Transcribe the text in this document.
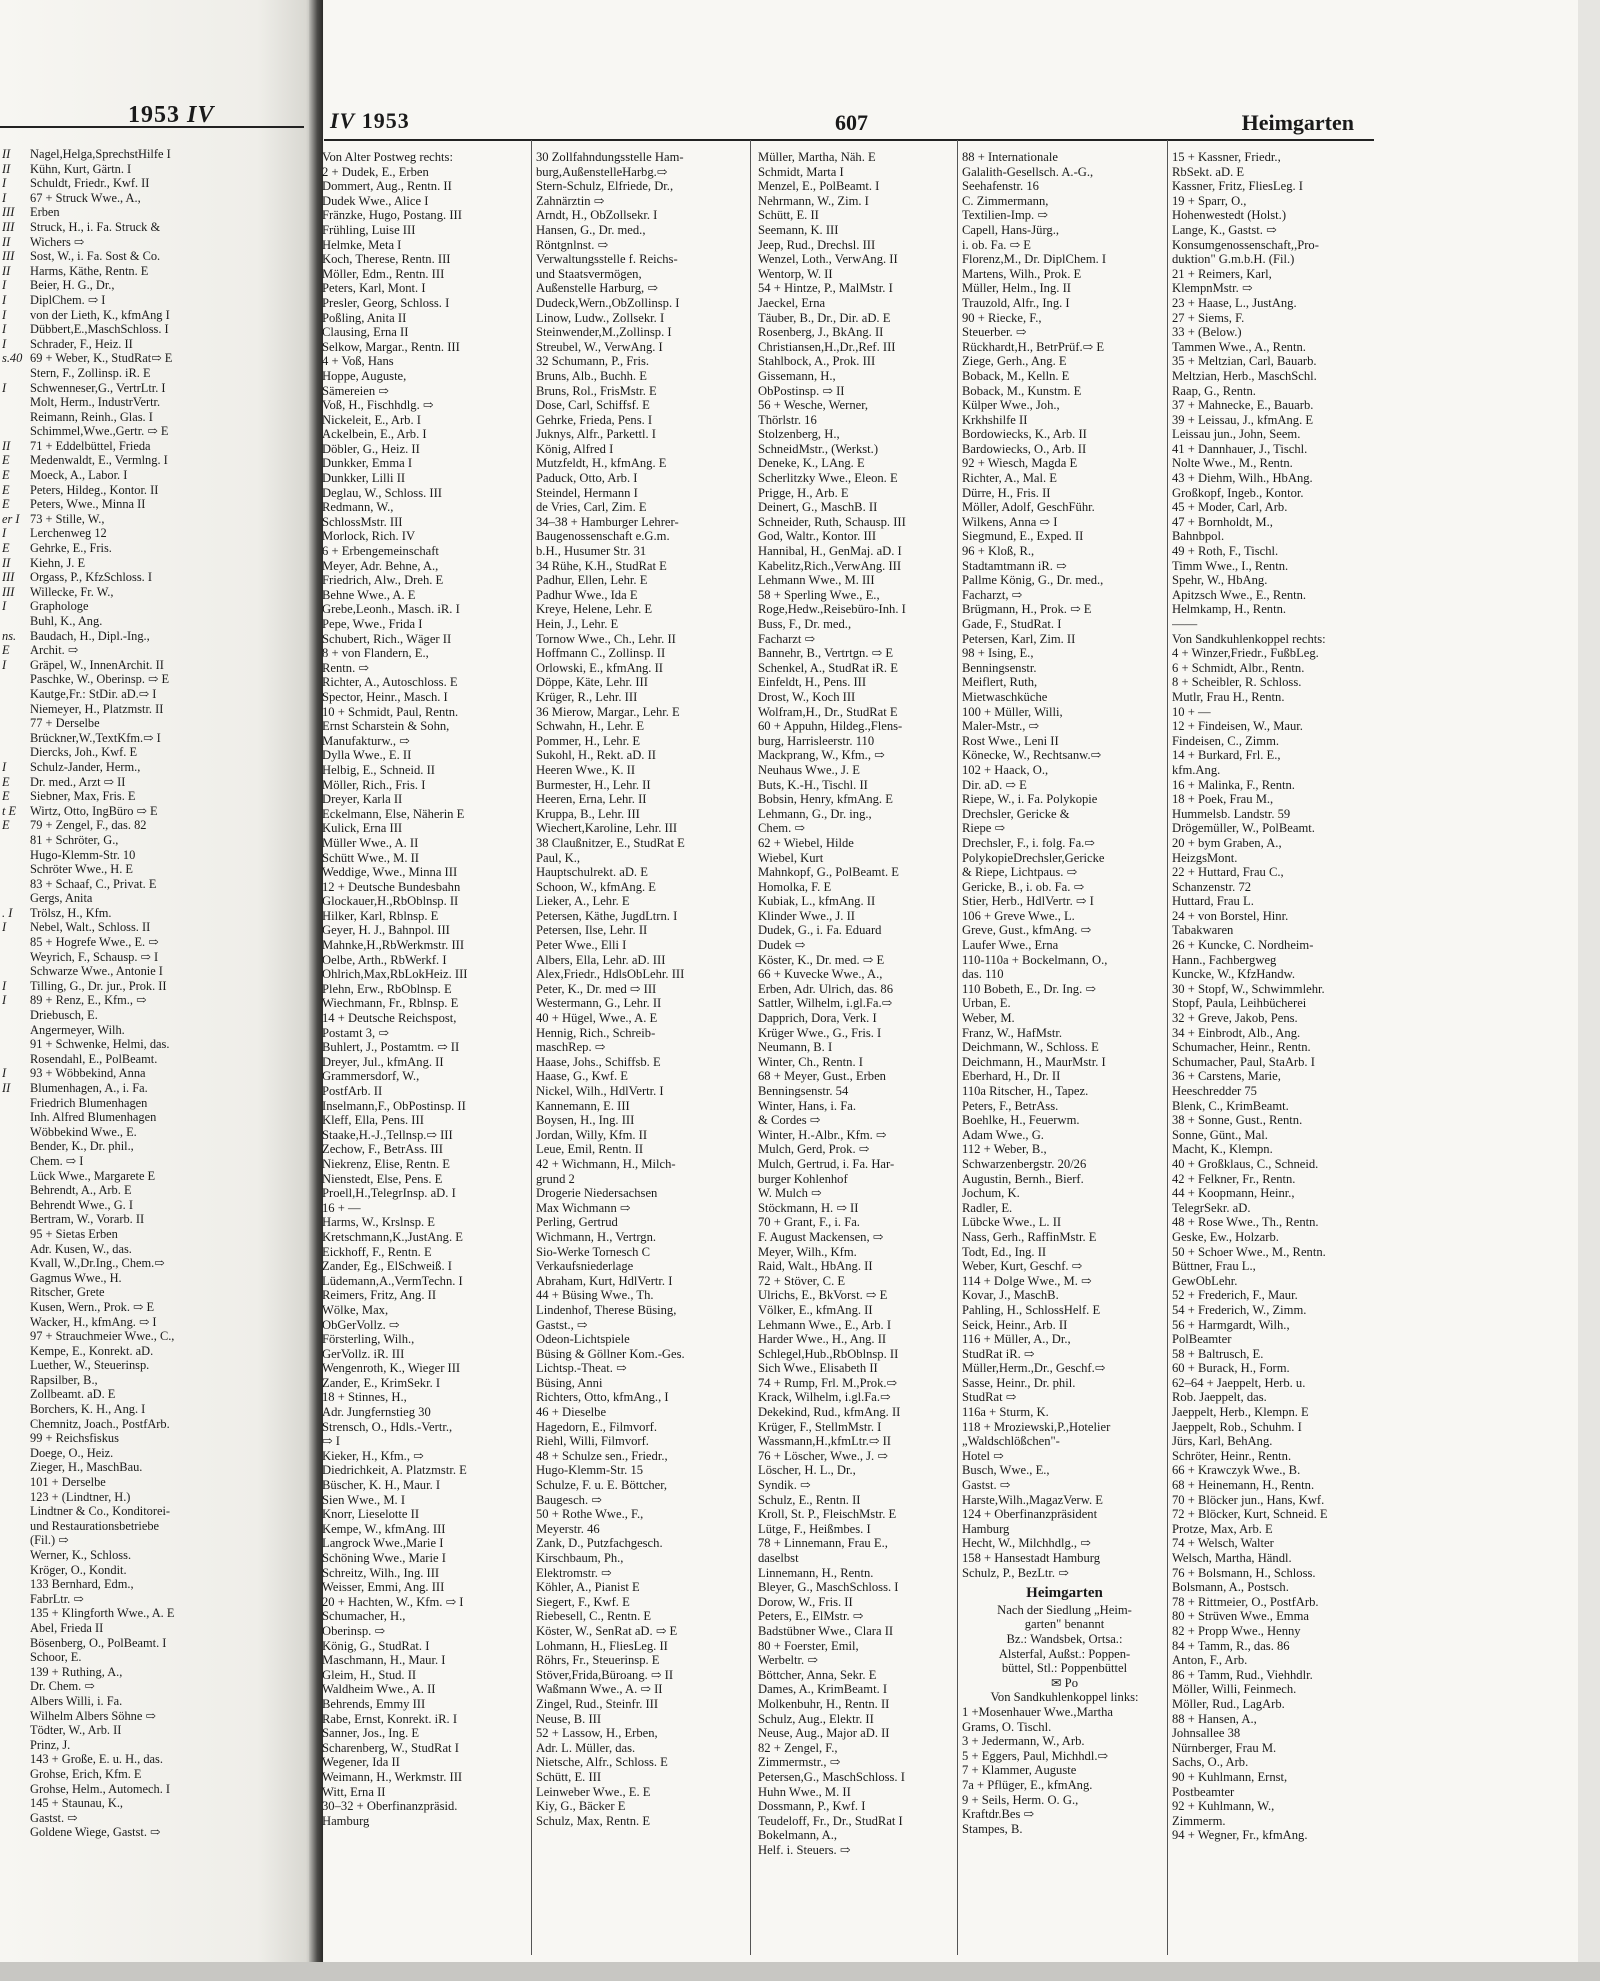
1953 IV
II	Nagel,Helga,SprechstHilfe I
II	Kühn, Kurt, Gärtn. I
I	Schuldt, Friedr., Kwf. II
I	67 + Struck Wwe., A.,
III	Erben
III	Struck, H., i. Fa. Struck &
II	Wichers ⇨
III	Sost, W., i. Fa. Sost & Co.
II	Harms, Käthe, Rentn. E
I	Beier, H. G., Dr.,
I	DiplChem. ⇨ I
I	von der Lieth, K., kfmAng I
I	Dübbert,E.,MaschSchloss. I
I	Schrader, F., Heiz. II
s.40 69 + Weber, K., StudRat⇨ E
Stern, F., Zollinsp. iR. E
I	Schwenneser,G., VertrLtr. I
Molt, Herm., IndustrVertr.
Reimann, Reinh., Glas. I
Schimmel,Wwe.,Gertr. ⇨ E
II	71 + Eddelbüttel, Frieda
E	Medenwaldt, E., Vermlng. I
E	Moeck, A., Labor. I
E	Peters, Hildeg., Kontor. II
E	Peters, Wwe., Minna II
er I 73 + Stille, W.,
I	Lerchenweg 12
E	Gehrke, E., Fris.
II	Kiehn, J. E
III	Orgass, P., KfzSchloss. I
III	Willecke, Fr. W.,
I	Graphologe
Buhl, K., Ang.
ns.	Baudach, H., Dipl.-Ing.,
E	Archit. ⇨
I	Gräpel, W., InnenArchit. II
Paschke, W., Oberinsp. ⇨ E
Kautge,Fr.: StDir. aD.⇨ I
Niemeyer, H., Platzmstr. II
77 + Derselbe
Brückner,W.,TextKfm.⇨ I
Diercks, Joh., Kwf. E
I	Schulz-Jander, Herm.,
E	Dr. med., Arzt ⇨ II
E	Siebner, Max, Fris. E
t E	Wirtz, Otto, IngBüro ⇨ E
E	79 + Zengel, F., das. 82
81 + Schröter, G.,
Hugo-Klemm-Str. 10
Schröter Wwe., H. E
83 + Schaaf, C., Privat. E
Gergs, Anita
. I	Trölsz, H., Kfm.
I	Nebel, Walt., Schloss. II
85 + Hogrefe Wwe., E. ⇨
Weyrich, F., Schausp. ⇨ I
Schwarze Wwe., Antonie I
I	Tilling, G., Dr. jur., Prok. II
I	89 + Renz, E., Kfm., ⇨
Driebusch, E.
Angermeyer, Wilh.
91 + Schwenke, Helmi, das.
Rosendahl, E., PolBeamt.
I	93 + Wöbbekind, Anna
II	Blumenhagen, A., i. Fa.
Friedrich Blumenhagen
Inh. Alfred Blumenhagen
Wöbbekind Wwe., E.
Bender, K., Dr. phil.,
Chem. ⇨ I
Lück Wwe., Margarete E
Behrendt, A., Arb. E
Behrendt Wwe., G. I
Bertram, W., Vorarb. II
95 + Sietas Erben
Adr. Kusen, W., das.
Kvall, W.,Dr.Ing., Chem.⇨
Gagmus Wwe., H.
Ritscher, Grete
Kusen, Wern., Prok. ⇨ E
Wacker, H., kfmAng. ⇨ I
97 + Strauchmeier Wwe., C.,
Kempe, E., Konrekt. aD.
Luether, W., Steuerinsp.
Rapsilber, B.,
Zollbeamt. aD. E
Borchers, K. H., Ang. I
Chemnitz, Joach., PostfArb.
99 + Reichsfiskus
Doege, O., Heiz.
Zieger, H., MaschBau.
101 + Derselbe
123 + (Lindtner, H.)
Lindtner & Co., Konditorei-
und Restaurationsbetriebe
(Fil.) ⇨
Werner, K., Schloss.
Kröger, O., Kondit.
133 Bernhard, Edm.,
FabrLtr. ⇨
135 + Klingforth Wwe., A. E
Abel, Frieda II
Bösenberg, O., PolBeamt. I
Schoor, E.
139 + Ruthing, A.,
Dr. Chem. ⇨
Albers Willi, i. Fa.
Wilhelm Albers Söhne ⇨
Tödter, W., Arb. II
Prinz, J.
143 + Große, E. u. H., das.
Grohse, Erich, Kfm. E
Grohse, Helm., Automech. I
145 + Staunau, K.,
Gastst. ⇨
Goldene Wiege, Gastst. ⇨
IV 1953	607	Heimgarten
Von Alter Postweg rechts:
2 + Dudek, E., Erben
Dommert, Aug., Rentn. II
Dudek Wwe., Alice I
Fränzke, Hugo, Postang. III
Frühling, Luise III
Helmke, Meta I
Koch, Therese, Rentn. III
Möller, Edm., Rentn. III
Peters, Karl, Mont. I
Presler, Georg, Schloss. I
Poßling, Anita II
Clausing, Erna II
Selkow, Margar., Rentn. III
4 + Voß, Hans
Hoppe, Auguste,
Sämereien ⇨
Voß, H., Fischhdlg. ⇨
Nickeleit, E., Arb. I
Ackelbein, E., Arb. I
Döbler, G., Heiz. II
Dunkker, Emma I
Dunkker, Lilli II
Deglau, W., Schloss. III
Redmann, W.,
SchlossMstr. III
Morlock, Rich. IV
6 + Erbengemeinschaft
Meyer, Adr. Behne, A.,
Friedrich, Alw., Dreh. E
Behne Wwe., A. E
Grebe,Leonh., Masch. iR. I
Pepe, Wwe., Frida I
Schubert, Rich., Wäger II
8 + von Flandern, E.,
Rentn. ⇨
Richter, A., Autoschloss. E
Spector, Heinr., Masch. I
10 + Schmidt, Paul, Rentn.
Ernst Scharstein & Sohn,
Manufakturw., ⇨
Dylla Wwe., E. II
Helbig, E., Schneid. II
Möller, Rich., Fris. I
Dreyer, Karla II
Eckelmann, Else, Näherin E
Kulick, Erna III
Müller Wwe., A. II
Schütt Wwe., M. II
Weddige, Wwe., Minna III
12 + Deutsche Bundesbahn
Glockauer,H.,RbOblnsp. II
Hilker, Karl, Rblnsp. E
Geyer, H. J., Bahnpol. III
Mahnke,H.,RbWerkmstr. III
Oelbe, Arth., RbWerkf. I
Ohlrich,Max,RbLokHeiz. III
Plehn, Erw., RbOblnsp. E
Wiechmann, Fr., Rblnsp. E
14 + Deutsche Reichspost,
Postamt 3, ⇨
Buhlert, J., Postamtm. ⇨ II
Dreyer, Jul., kfmAng. II
Grammersdorf, W.,
PostfArb. II
Inselmann,F., ObPostinsp. II
Kleff, Ella, Pens. III
Staake,H.-J.,Tellnsp.⇨ III
Zechow, F., BetrAss. III
Niekrenz, Elise, Rentn. E
Nienstedt, Else, Pens. E
Proell,H.,TelegrInsp. aD. I
16 + —
Harms, W., Krslnsp. E
Kretschmann,K.,JustAng. E
Eickhoff, F., Rentn. E
Zander, Eg., ElSchweiß. I
Lüdemann,A.,VermTechn. I
Reimers, Fritz, Ang. II
Wölke, Max,
ObGerVollz. ⇨
Försterling, Wilh.,
GerVollz. iR. III
Wengenroth, K., Wieger III
Zander, E., KrimSekr. I
18 + Stinnes, H.,
Adr. Jungfernstieg 30
Strensch, O., Hdls.-Vertr.,
⇨ I
Kieker, H., Kfm., ⇨
Diedrichkeit, A. Platzmstr. E
Büscher, K. H., Maur. I
Sien Wwe., M. I
Knorr, Lieselotte II
Kempe, W., kfmAng. III
Langrock Wwe.,Marie I
Schöning Wwe., Marie I
Schreitz, Wilh., Ing. III
Weisser, Emmi, Ang. III
20 + Hachten, W., Kfm. ⇨ I
Schumacher, H.,
Oberinsp. ⇨
König, G., StudRat. I
Maschmann, H., Maur. I
Gleim, H., Stud. II
Waldheim Wwe., A. II
Behrends, Emmy III
Rabe, Ernst, Konrekt. iR. I
Sanner, Jos., Ing. E
Scharenberg, W., StudRat I
Wegener, Ida II
Weimann, H., Werkmstr. III
Witt, Erna II
30–32 + Oberfinanzpräsid.
Hamburg
30 Zollfahndungsstelle Ham-
burg,AußenstelleHarbg.⇨
Stern-Schulz, Elfriede, Dr.,
Zahnärztin ⇨
Arndt, H., ObZollsekr. I
Hansen, G., Dr. med.,
Röntgnlnst. ⇨
Verwaltungsstelle f. Reichs-
und Staatsvermögen,
Außenstelle Harburg, ⇨
Dudeck,Wern.,ObZollinsp. I
Linow, Ludw., Zollsekr. I
Steinwender,M.,Zollinsp. I
Streubel, W., VerwAng. I
32 Schumann, P., Fris.
Bruns, Alb., Buchh. E
Bruns, Rol., FrisMstr. E
Dose, Carl, Schiffsf. E
Gehrke, Frieda, Pens. I
Juknys, Alfr., Parkettl. I
König, Alfred I
Mutzfeldt, H., kfmAng. E
Paduck, Otto, Arb. I
Steindel, Hermann I
de Vries, Carl, Zim. E
34–38 + Hamburger Lehrer-
Baugenossenschaft e.G.m.
b.H., Husumer Str. 31
34 Rühe, K.H., StudRat E
Padhur, Ellen, Lehr. E
Padhur Wwe., Ida E
Kreye, Helene, Lehr. E
Hein, J., Lehr. E
Tornow Wwe., Ch., Lehr. II
Hoffmann C., Zollinsp. II
Orlowski, E., kfmAng. II
Döppe, Käte, Lehr. III
Krüger, R., Lehr. III
36 Mierow, Margar., Lehr. E
Schwahn, H., Lehr. E
Pommer, H., Lehr. E
Sukohl, H., Rekt. aD. II
Heeren Wwe., K. II
Burmester, H., Lehr. II
Heeren, Erna, Lehr. II
Kruppa, B., Lehr. III
Wiechert,Karoline, Lehr. III
38 Claußnitzer, E., StudRat E
Paul, K.,
Hauptschulrekt. aD. E
Schoon, W., kfmAng. E
Lieker, A., Lehr. E
Petersen, Käthe, JugdLtrn. I
Petersen, Ilse, Lehr. II
Peter Wwe., Elli I
Albers, Ella, Lehr. aD. III
Alex,Friedr., HdlsObLehr. III
Peter, K., Dr. med ⇨ III
Westermann, G., Lehr. II
40 + Hügel, Wwe., A. E
Hennig, Rich., Schreib-
maschRep. ⇨
Haase, Johs., Schiffsb. E
Haase, G., Kwf. E
Nickel, Wilh., HdlVertr. I
Kannemann, E. III
Boysen, H., Ing. III
Jordan, Willy, Kfm. II
Leue, Emil, Rentn. II
42 + Wichmann, H., Milch-
grund 2
Drogerie Niedersachsen
Max Wichmann ⇨
Perling, Gertrud
Wichmann, H., Vertrgn.
Sio-Werke Tornesch C
Verkaufsniederlage
Abraham, Kurt, HdlVertr. I
44 + Büsing Wwe., Th.
Lindenhof, Therese Büsing,
Gastst., ⇨
Odeon-Lichtspiele
Büsing & Göllner Kom.-Ges.
Lichtsp.-Theat. ⇨
Büsing, Anni
Richters, Otto, kfmAng., I
46 + Dieselbe
Hagedorn, E., Filmvorf.
Riehl, Willi, Filmvorf.
48 + Schulze sen., Friedr.,
Hugo-Klemm-Str. 15
Schulze, F. u. E. Böttcher,
Baugesch. ⇨
50 + Rothe Wwe., F.,
Meyerstr. 46
Zank, D., Putzfachgesch.
Kirschbaum, Ph.,
Elektromstr. ⇨
Köhler, A., Pianist E
Siegert, F., Kwf. E
Riebesell, C., Rentn. E
Köster, W., SenRat aD. ⇨ E
Lohmann, H., FliesLeg. II
Röhrs, Fr., Steuerinsp. E
Stöver,Frida,Büroang. ⇨ II
Waßmann Wwe., A. ⇨ II
Zingel, Rud., Steinfr. III
Neuse, B. III
52 + Lassow, H., Erben,
Adr. L. Müller, das.
Nietsche, Alfr., Schloss. E
Schütt, E. III
Leinweber Wwe., E. E
Kiy, G., Bäcker E
Schulz, Max, Rentn. E
Müller, Martha, Näh. E
Schmidt, Marta I
Menzel, E., PolBeamt. I
Nehrmann, W., Zim. I
Schütt, E. II
Seemann, K. III
Jeep, Rud., Drechsl. III
Wenzel, Loth., VerwAng. II
Wentorp, W. II
54 + Hintze, P., MalMstr. I
Jaeckel, Erna
Täuber, B., Dr., Dir. aD. E
Rosenberg, J., BkAng. II
Christiansen,H.,Dr.,Ref. III
Stahlbock, A., Prok. III
Gissemann, H.,
ObPostinsp. ⇨ II
56 + Wesche, Werner,
Thörlstr. 16
Stolzenberg, H.,
SchneidMstr., (Werkst.)
Deneke, K., LAng. E
Scherlitzky Wwe., Eleon. E
Prigge, H., Arb. E
Deinert, G., MaschB. II
Schneider, Ruth, Schausp. III
God, Waltr., Kontor. III
Hannibal, H., GenMaj. aD. I
Kabelitz,Rich.,VerwAng. III
Lehmann Wwe., M. III
58 + Sperling Wwe., E.,
Roge,Hedw.,Reisebüro-Inh. I
Buss, F., Dr. med.,
Facharzt ⇨
Bannehr, B., Vertrtgn. ⇨ E
Schenkel, A., StudRat iR. E
Einfeldt, H., Pens. III
Drost, W., Koch III
Wolfram,H., Dr., StudRat E
60 + Appuhn, Hildeg.,Flens-
burg, Harrisleerstr. 110
Mackprang, W., Kfm., ⇨
Neuhaus Wwe., J. E
Buts, K.-H., Tischl. II
Bobsin, Henry, kfmAng. E
Lehmann, G., Dr. ing.,
Chem. ⇨
62 + Wiebel, Hilde
Wiebel, Kurt
Mahnkopf, G., PolBeamt. E
Homolka, F. E
Kubiak, L., kfmAng. II
Klinder Wwe., J. II
Dudek, G., i. Fa. Eduard
Dudek ⇨
Köster, K., Dr. med. ⇨ E
66 + Kuvecke Wwe., A.,
Erben, Adr. Ulrich, das. 86
Sattler, Wilhelm, i.gl.Fa.⇨
Dapprich, Dora, Verk. I
Krüger Wwe., G., Fris. I
Neumann, B. I
Winter, Ch., Rentn. I
68 + Meyer, Gust., Erben
Benningsenstr. 54
Winter, Hans, i. Fa.
& Cordes ⇨
Winter, H.-Albr., Kfm. ⇨
Mulch, Gerd, Prok. ⇨
Mulch, Gertrud, i. Fa. Har-
burger Kohlenhof
W. Mulch ⇨
Stöckmann, H. ⇨ II
70 + Grant, F., i. Fa.
F. August Mackensen, ⇨
Meyer, Wilh., Kfm.
Raid, Walt., HbAng. II
72 + Stöver, C. E
Ulrichs, E., BkVorst. ⇨ E
Völker, E., kfmAng. II
Lehmann Wwe., E., Arb. I
Harder Wwe., H., Ang. II
Schlegel,Hub.,RbOblnsp. II
Sich Wwe., Elisabeth II
74 + Rump, Frl. M.,Prok.⇨
Krack, Wilhelm, i.gl.Fa.⇨
Dekekind, Rud., kfmAng. II
Krüger, F., StellmMstr. I
Wassmann,H.,kfmLtr.⇨ II
76 + Löscher, Wwe., J. ⇨
Löscher, H. L., Dr.,
Syndik. ⇨
Schulz, E., Rentn. II
Kroll, St. P., FleischMstr. E
Lütge, F., Heißmbes. I
78 + Linnemann, Frau E.,
daselbst
Linnemann, H., Rentn.
Bleyer, G., MaschSchloss. I
Dorow, W., Fris. II
Peters, E., ElMstr. ⇨
Badstübner Wwe., Clara II
80 + Foerster, Emil,
Werbeltr. ⇨
Böttcher, Anna, Sekr. E
Dames, A., KrimBeamt. I
Molkenbuhr, H., Rentn. II
Schulz, Aug., Elektr. II
Neuse, Aug., Major aD. II
82 + Zengel, F.,
Zimmermstr., ⇨
Petersen,G., MaschSchloss. I
Huhn Wwe., M. II
Dossmann, P., Kwf. I
Teudeloff, Fr., Dr., StudRat I
Bokelmann, A.,
Helf. i. Steuers. ⇨
88 + Internationale
Galalith-Gesellsch. A.-G.,
Seehafenstr. 16
C. Zimmermann,
Textilien-Imp. ⇨
Capell, Hans-Jürg.,
i. ob. Fa. ⇨ E
Florenz,M., Dr. DiplChem. I
Martens, Wilh., Prok. E
Müller, Helm., Ing. II
Trauzold, Alfr., Ing. I
90 + Riecke, F.,
Steuerber. ⇨
Rückhardt,H., BetrPrüf.⇨ E
Ziege, Gerh., Ang. E
Boback, M., Kelln. E
Boback, M., Kunstm. E
Külper Wwe., Joh.,
Krkhshilfe II
Bordowiecks, K., Arb. II
Bardowiecks, O., Arb. II
92 + Wiesch, Magda E
Richter, A., Mal. E
Dürre, H., Fris. II
Möller, Adolf, GeschFühr.
Wilkens, Anna ⇨ I
Siegmund, E., Exped. II
96 + Kloß, R.,
Stadtamtmann iR. ⇨
Pallme König, G., Dr. med.,
Facharzt, ⇨
Brügmann, H., Prok. ⇨ E
Gade, F., StudRat. I
Petersen, Karl, Zim. II
98 + Ising, E.,
Benningsenstr.
Meiflert, Ruth,
Mietwaschküche
100 + Müller, Willi,
Maler-Mstr., ⇨
Rost Wwe., Leni II
Könecke, W., Rechtsanw.⇨
102 + Haack, O.,
Dir. aD. ⇨ E
Riepe, W., i. Fa. Polykopie
Drechsler, Gericke &
Riepe ⇨
Drechsler, F., i. folg. Fa.⇨
PolykopieDrechsler,Gericke
& Riepe, Lichtpaus. ⇨
Gericke, B., i. ob. Fa. ⇨
Stier, Herb., HdlVertr. ⇨ I
106 + Greve Wwe., L.
Greve, Gust., kfmAng. ⇨
Laufer Wwe., Erna
110-110a + Bockelmann, O.,
das. 110
110 Bobeth, E., Dr. Ing. ⇨
Urban, E.
Weber, M.
Franz, W., HafMstr.
Deichmann, W., Schloss. E
Deichmann, H., MaurMstr. I
Eberhard, H., Dr. II
110a Ritscher, H., Tapez.
Peters, F., BetrAss.
Boehlke, H., Feuerwm.
Adam Wwe., G.
112 + Weber, B.,
Schwarzenbergstr. 20/26
Augustin, Bernh., Bierf.
Jochum, K.
Radler, E.
Lübcke Wwe., L. II
Nass, Gerh., RaffinMstr. E
Todt, Ed., Ing. II
Weber, Kurt, Geschf. ⇨
114 + Dolge Wwe., M. ⇨
Kovar, J., MaschB.
Pahling, H., SchlossHelf. E
Seick, Heinr., Arb. II
116 + Müller, A., Dr.,
StudRat iR. ⇨
Müller,Herm.,Dr., Geschf.⇨
Sasse, Heinr., Dr. phil.
StudRat ⇨
116a + Sturm, K.
118 + Mroziewski,P.,Hotelier
„Waldschlößchen"-
Hotel ⇨
Busch, Wwe., E.,
Gastst. ⇨
Harste,Wilh.,MagazVerw. E
124 + Oberfinanzpräsident
Hamburg
Hecht, W., Milchhdlg., ⇨
158 + Hansestadt Hamburg
Schulz, P., BezLtr. ⇨
Heimgarten
Nach der Siedlung „Heim-
garten" benannt
Bz.: Wandsbek, Ortsa.:
Alsterfal, Außst.: Poppen-
büttel, Stl.: Poppenbüttel
✉ Po
Von Sandkuhlenkoppel links:
1 +Mosenhauer Wwe.,Martha
Grams, O. Tischl.
3 + Jedermann, W., Arb.
5 + Eggers, Paul, Michhdl.⇨
7 + Klammer, Auguste
7a + Pflüger, E., kfmAng.
9 + Seils, Herm. O. G.,
Kraftdr.Bes ⇨
Stampes, B.
15 + Kassner, Friedr.,
RbSekt. aD. E
Kassner, Fritz, FliesLeg. I
19 + Sparr, O.,
Hohenwestedt (Holst.)
Lange, K., Gastst. ⇨
Konsumgenossenschaft,,Pro-
duktion" G.m.b.H. (Fil.)
21 + Reimers, Karl,
KlempnMstr. ⇨
23 + Haase, L., JustAng.
27 + Siems, F.
33 + (Below.)
Tammen Wwe., A., Rentn.
35 + Meltzian, Carl, Bauarb.
Meltzian, Herb., MaschSchl.
Raap, G., Rentn.
37 + Mahnecke, E., Bauarb.
39 + Leissau, J., kfmAng. E
Leissau jun., John, Seem.
41 + Dannhauer, J., Tischl.
Nolte Wwe., M., Rentn.
43 + Diehm, Wilh., HbAng.
Großkopf, Ingeb., Kontor.
45 + Moder, Carl, Arb.
47 + Bornholdt, M.,
Bahnbpol.
49 + Roth, F., Tischl.
Timm Wwe., I., Rentn.
Spehr, W., HbAng.
Apitzsch Wwe., E., Rentn.
Helmkamp, H., Rentn.
——
Von Sandkuhlenkoppel rechts:
4 + Winzer,Friedr., FußbLeg.
6 + Schmidt, Albr., Rentn.
8 + Scheibler, R. Schloss.
Mutlr, Frau H., Rentn.
10 + —
12 + Findeisen, W., Maur.
Findeisen, C., Zimm.
14 + Burkard, Frl. E.,
kfm.Ang.
16 + Malinka, F., Rentn.
18 + Poek, Frau M.,
Hummelsb. Landstr. 59
Drögemüller, W., PolBeamt.
20 + bym Graben, A.,
HeizgsMont.
22 + Huttard, Frau C.,
Schanzenstr. 72
Huttard, Frau L.
24 + von Borstel, Hinr.
Tabakwaren
26 + Kuncke, C. Nordheim-
Hann., Fachbergweg
Kuncke, W., KfzHandw.
30 + Stopf, W., Schwimmlehr.
Stopf, Paula, Leihbücherei
32 + Greve, Jakob, Pens.
34 + Einbrodt, Alb., Ang.
Schumacher, Heinr., Rentn.
Schumacher, Paul, StaArb. I
36 + Carstens, Marie,
Heeschredder 75
Blenk, C., KrimBeamt.
38 + Sonne, Gust., Rentn.
Sonne, Günt., Mal.
Macht, K., Klempn.
40 + Großklaus, C., Schneid.
42 + Felkner, Fr., Rentn.
44 + Koopmann, Heinr.,
TelegrSekr. aD.
48 + Rose Wwe., Th., Rentn.
Geske, Ew., Holzarb.
50 + Schoer Wwe., M., Rentn.
Büttner, Frau L.,
GewObLehr.
52 + Frederich, F., Maur.
54 + Frederich, W., Zimm.
56 + Harmgardt, Wilh.,
PolBeamter
58 + Baltrusch, E.
60 + Burack, H., Form.
62–64 + Jaeppelt, Herb. u.
Rob. Jaeppelt, das.
Jaeppelt, Herb., Klempn. E
Jaeppelt, Rob., Schuhm. I
Jürs, Karl, BehAng.
Schröter, Heinr., Rentn.
66 + Krawczyk Wwe., B.
68 + Heinemann, H., Rentn.
70 + Blöcker jun., Hans, Kwf.
72 + Blöcker, Kurt, Schneid. E
Protze, Max, Arb. E
74 + Welsch, Walter
Welsch, Martha, Händl.
76 + Bolsmann, H., Schloss.
Bolsmann, A., Postsch.
78 + Rittmeier, O., PostfArb.
80 + Strüven Wwe., Emma
82 + Propp Wwe., Henny
84 + Tamm, R., das. 86
Anton, F., Arb.
86 + Tamm, Rud., Viehhdlr.
Möller, Willi, Feinmech.
Möller, Rud., LagArb.
88 + Hansen, A.,
Johnsallee 38
Nürnberger, Frau M.
Sachs, O., Arb.
90 + Kuhlmann, Ernst,
Postbeamter
92 + Kuhlmann, W.,
Zimmerm.
94 + Wegner, Fr., kfmAng.
